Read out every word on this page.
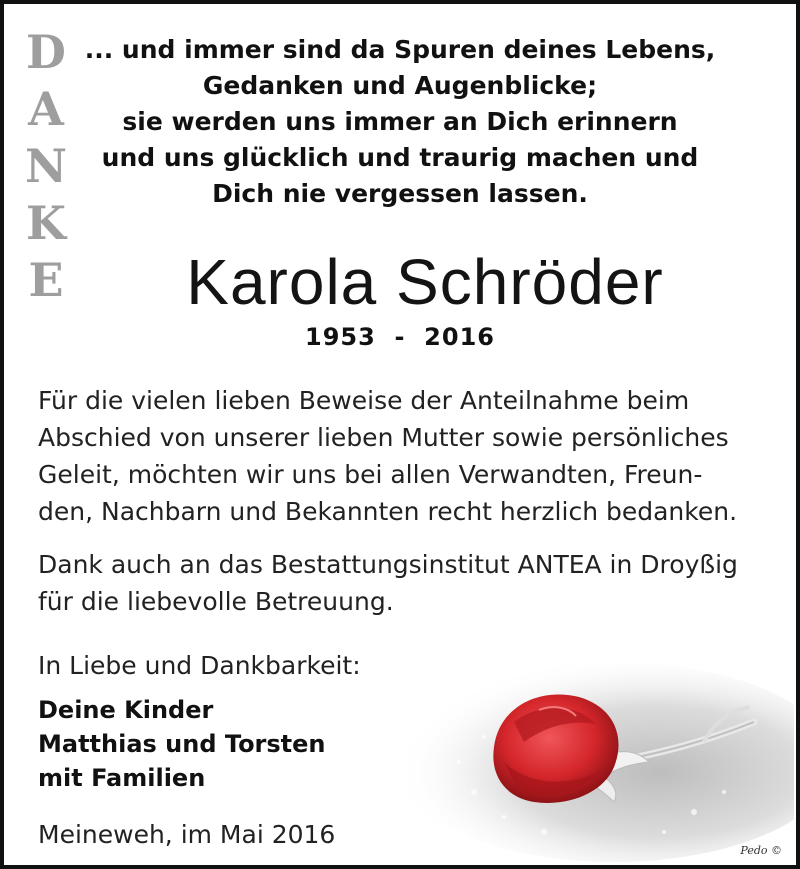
D
A
N
K
E
... und immer sind da Spuren deines Lebens,
Gedanken und Augenblicke;
sie werden uns immer an Dich erinnern
und uns glücklich und traurig machen und
Dich nie vergessen lassen.
Karola Schröder
1953  -  2016
Für die vielen lieben Beweise der Anteilnahme beim
Abschied von unserer lieben Mutter sowie persönliches
Geleit, möchten wir uns bei allen Verwandten, Freun-
den, Nachbarn und Bekannten recht herzlich bedanken.
Dank auch an das Bestattungsinstitut ANTEA in Droyßig
für die liebevolle Betreuung.
In Liebe und Dankbarkeit:
Deine Kinder
Matthias und Torsten
mit Familien
Meineweh, im Mai 2016
Pedo ©
